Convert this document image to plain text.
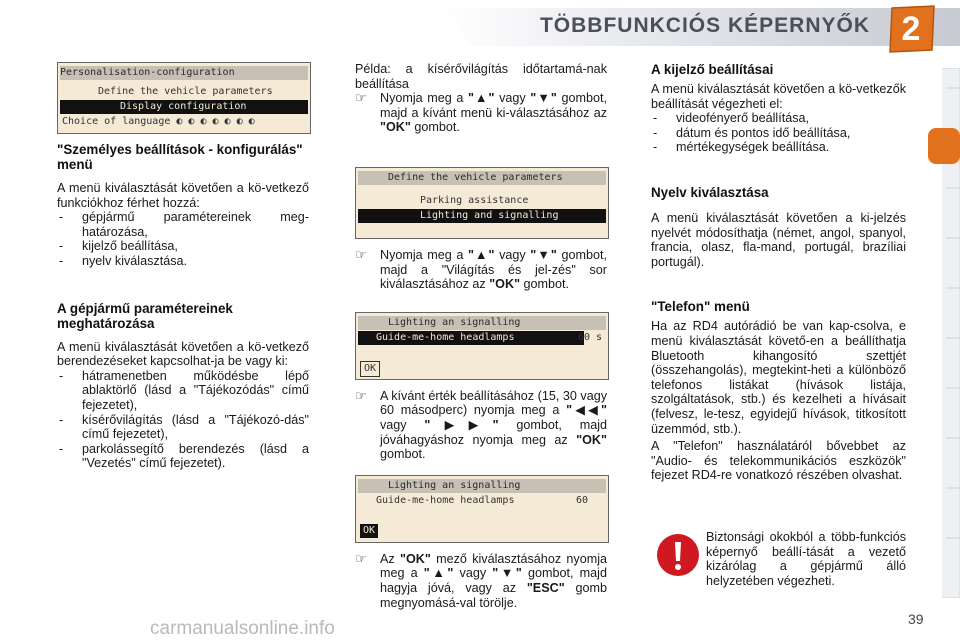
TÖBBFUNKCIÓS KÉPERNYŐK 2
Personalisation-configuration
Define the vehicle parameters
Display configuration
Choice of language ◐ ◐ ◐ ◐ ◐ ◐ ◐
"Személyes beállítások - konfigurálás" menü

A menü kiválasztását követően a kö-vetkező funkciókhoz férhet hozzá:

- gépjármű paramétereinek meg-határozása,
- kijelző beállítása,
- nyelv kiválasztása.
A gépjármű paramétereinek meghatározása

A menü kiválasztását követően a kö-vetkező berendezéseket kapcsolhat-ja be vagy ki:

- hátramenetben működésbe lépő ablaktörlő (lásd a "Tájékozódás" című fejezetet),
- kísérővilágítás (lásd a "Tájékozó-dás" című fejezetet),
- parkolássegítő berendezés (lásd a "Vezetés" című fejezetet).

Példa: a kísérővilágítás időtartamá-nak beállítása

☞ Nyomja meg a "▲" vagy "▼" gombot, majd a kívánt menü ki-választásához az "OK" gombot.
Define the vehicle parameters
Parking assistance
Lighting and signalling
☞ Nyomja meg a "▲" vagy "▼" gombot, majd a "Világítás és jel-zés" sor kiválasztásához az "OK" gombot.
Lighting an signalling
Guide-me-home headlamps	60 s
OK
☞ A kívánt érték beállításához (15, 30 vagy 60 másodperc) nyomja meg a "◀◀" vagy "▶▶" gombot, majd jóváhagyáshoz nyomja meg az "OK" gombot.
Lighting an signalling
Guide-me-home headlamps	60
OK
☞ Az "OK" mező kiválasztásához nyomja meg a "▲" vagy "▼" gombot, majd hagyja jóvá, vagy az "ESC" gomb megnyomásá-val törölje.
A kijelző beállításai

A menü kiválasztását követően a kö-vetkezők beállítását végezheti el:

- videofényerő beállítása,
- dátum és pontos idő beállítása,
- mértékegységek beállítása.
Nyelv kiválasztása

A menü kiválasztását követően a ki-jelzés nyelvét módosíthatja (német, angol, spanyol, francia, olasz, fla-mand, portugál, brazíliai portugál).

"Telefon" menü

Ha az RD4 autórádió be van kap-csolva, e menü kiválasztását követő-en a beállíthatja Bluetooth kihangosító szettjét (összehangolás), megtekint-heti a különböző telefonos listákat (hívások listája, szolgáltatások, stb.) és kezelheti a hívásait (felvesz, le-tesz, egyidejű hívások, titkosított üzemmód, stb.).

A "Telefon" használatáról bővebbet az "Audio- és telekommunikációs eszközök" fejezet RD4-re vonatkozó részében olvashat.

Biztonsági okokból a több-funkciós képernyő beállí-tását a vezető kizárólag a gépjármű álló helyzetében végezheti.

carmanualsonline.info	39
